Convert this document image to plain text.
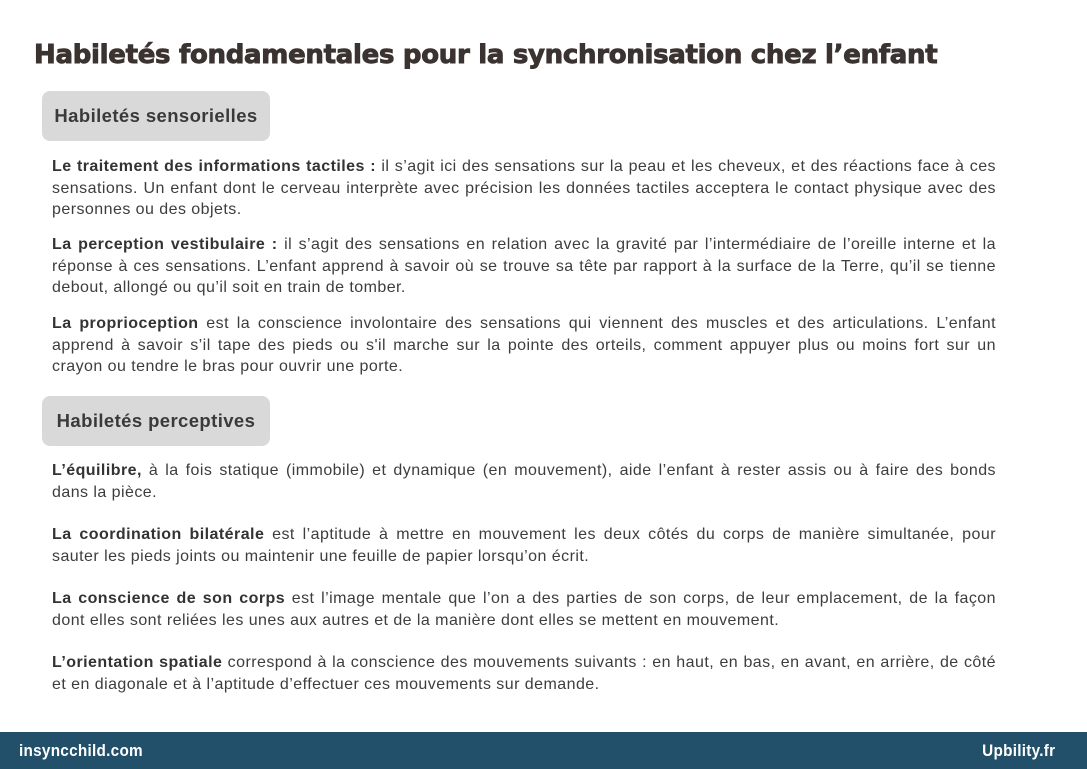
Habiletés fondamentales pour la synchronisation chez l’enfant
Habiletés sensorielles

Le traitement des informations tactiles : il s’agit ici des sensations sur la peau et les cheveux, et des réactions face à ces sensations. Un enfant dont le cerveau interprète avec précision les données tactiles acceptera le contact physique avec des personnes ou des objets.

La perception vestibulaire : il s’agit des sensations en relation avec la gravité par l’intermédiaire de l’oreille interne et la réponse à ces sensations. L’enfant apprend à savoir où se trouve sa tête par rapport à la surface de la Terre, qu’il se tienne debout, allongé ou qu’il soit en train de tomber.

La proprioception est la conscience involontaire des sensations qui viennent des muscles et des articulations. L’enfant apprend à savoir s’il tape des pieds ou s'il marche sur la pointe des orteils, comment appuyer plus ou moins fort sur un crayon ou tendre le bras pour ouvrir une porte.

Habiletés perceptives

L’équilibre, à la fois statique (immobile) et dynamique (en mouvement), aide l’enfant à rester assis ou à faire des bonds dans la pièce.

La coordination bilatérale est l’aptitude à mettre en mouvement les deux côtés du corps de manière simultanée, pour sauter les pieds joints ou maintenir une feuille de papier lorsqu’on écrit.

La conscience de son corps est l’image mentale que l’on a des parties de son corps, de leur emplacement, de la façon dont elles sont reliées les unes aux autres et de la manière dont elles se mettent en mouvement.

L’orientation spatiale correspond à la conscience des mouvements suivants : en haut, en bas, en avant, en arrière, de côté et en diagonale et à l’aptitude d’effectuer ces mouvements sur demande.

insyncchild.com	Upbility.fr
